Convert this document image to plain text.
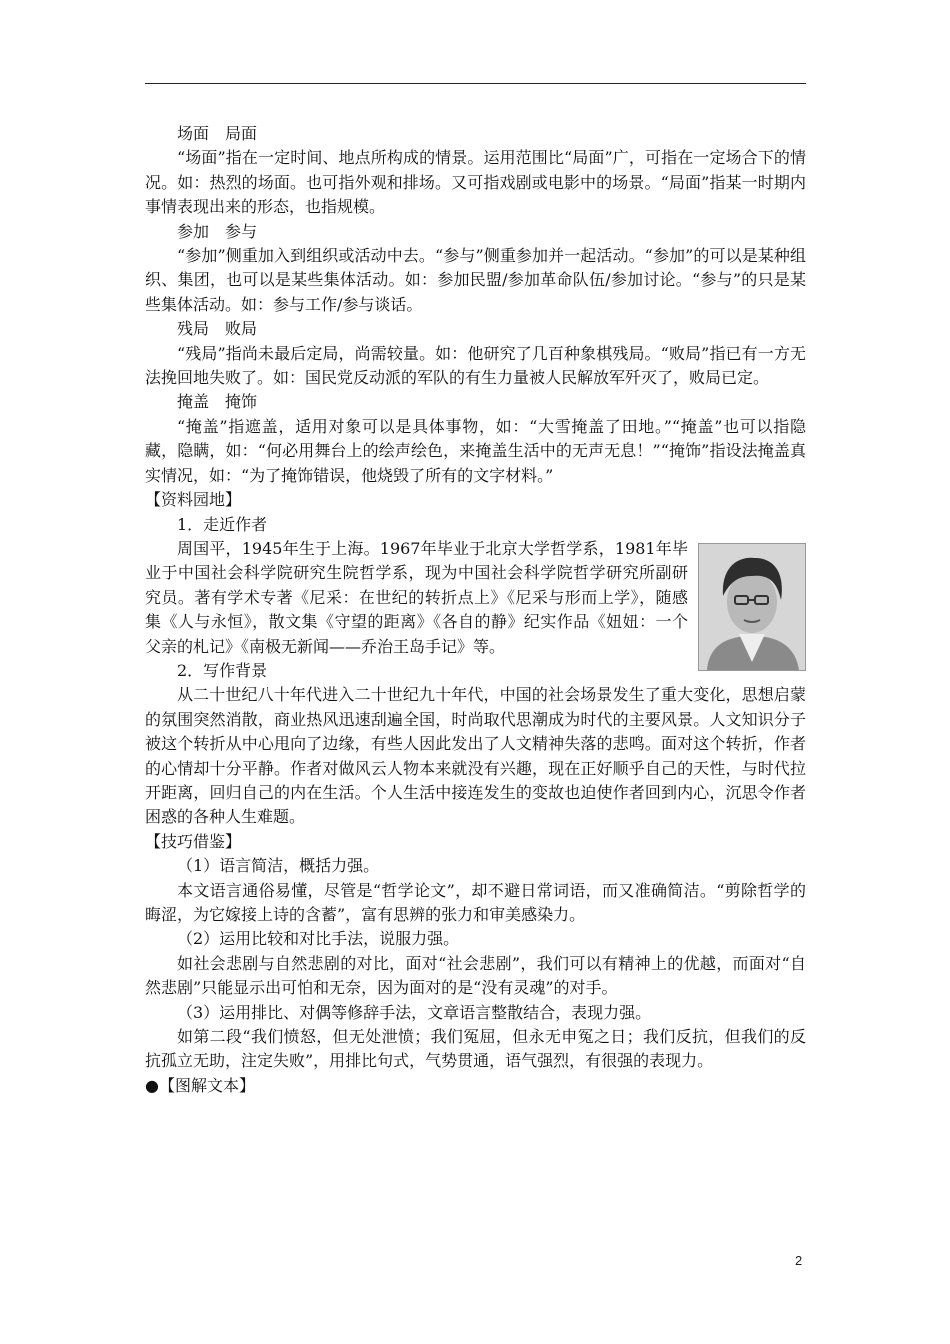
场面　局面
“场面”指在一定时间、地点所构成的情景。运用范围比“局面”广，可指在一定场合下的情况。如：热烈的场面。也可指外观和排场。又可指戏剧或电影中的场景。“局面”指某一时期内事情表现出来的形态，也指规模。
参加　参与
“参加”侧重加入到组织或活动中去。“参与”侧重参加并一起活动。“参加”的可以是某种组织、集团，也可以是某些集体活动。如：参加民盟/参加革命队伍/参加讨论。“参与”的只是某些集体活动。如：参与工作/参与谈话。
残局　败局
“残局”指尚未最后定局，尚需较量。如：他研究了几百种象棋残局。“败局”指已有一方无法挽回地失败了。如：国民党反动派的军队的有生力量被人民解放军歼灭了，败局已定。
掩盖　掩饰
“掩盖”指遮盖，适用对象可以是具体事物，如：“大雪掩盖了田地。”“掩盖”也可以指隐藏，隐瞒，如：“何必用舞台上的绘声绘色，来掩盖生活中的无声无息！”“掩饰”指设法掩盖真实情况，如：“为了掩饰错误，他烧毁了所有的文字材料。”
【资料园地】
1．走近作者
周国平，1945年生于上海。1967年毕业于北京大学哲学系，1981年毕业于中国社会科学院研究生院哲学系，现为中国社会科学院哲学研究所副研究员。著有学术专著《尼采：在世纪的转折点上》《尼采与形而上学》，随感集《人与永恒》，散文集《守望的距离》《各自的静》纪实作品《妞妞：一个父亲的札记》《南极无新闻——乔治王岛手记》等。
2．写作背景
从二十世纪八十年代进入二十世纪九十年代，中国的社会场景发生了重大变化，思想启蒙的氛围突然消散，商业热风迅速刮遍全国，时尚取代思潮成为时代的主要风景。人文知识分子被这个转折从中心甩向了边缘，有些人因此发出了人文精神失落的悲鸣。面对这个转折，作者的心情却十分平静。作者对做风云人物本来就没有兴趣，现在正好顺乎自己的天性，与时代拉开距离，回归自己的内在生活。个人生活中接连发生的变故也迫使作者回到内心，沉思令作者困惑的各种人生难题。
【技巧借鉴】
（1）语言简洁，概括力强。
本文语言通俗易懂，尽管是“哲学论文”，却不避日常词语，而又准确简洁。“剪除哲学的晦涩，为它嫁接上诗的含蓄”，富有思辨的张力和审美感染力。
（2）运用比较和对比手法，说服力强。
如社会悲剧与自然悲剧的对比，面对“社会悲剧”，我们可以有精神上的优越，而面对“自然悲剧”只能显示出可怕和无奈，因为面对的是“没有灵魂”的对手。
（3）运用排比、对偶等修辞手法，文章语言整散结合，表现力强。
如第二段“我们愤怒，但无处泄愤；我们冤屈，但永无申冤之日；我们反抗，但我们的反抗孤立无助，注定失败”，用排比句式，气势贯通，语气强烈，有很强的表现力。
●【图解文本】
2
